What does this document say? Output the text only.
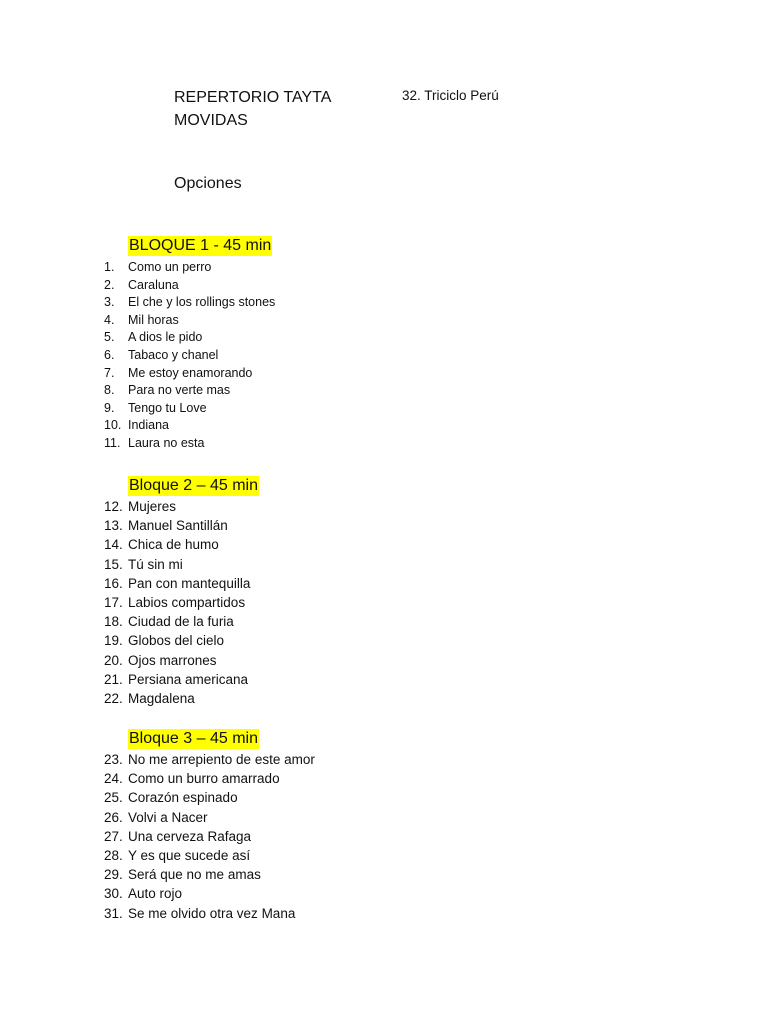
REPERTORIO TAYTA MOVIDAS
32. Triciclo Perú
Opciones
BLOQUE 1 - 45 min
1. Como un perro
2. Caraluna
3. El che y los rollings stones
4. Mil horas
5. A dios le pido
6. Tabaco y chanel
7. Me estoy enamorando
8. Para no verte mas
9. Tengo tu Love
10. Indiana
11. Laura no esta
Bloque 2 – 45 min
12. Mujeres
13. Manuel Santillán
14. Chica de humo
15. Tú sin mi
16. Pan con mantequilla
17. Labios compartidos
18. Ciudad de la furia
19. Globos del cielo
20. Ojos marrones
21. Persiana americana
22. Magdalena
Bloque 3 – 45 min
23. No me arrepiento de este amor
24. Como un burro amarrado
25. Corazón espinado
26. Volvi a Nacer
27. Una cerveza Rafaga
28. Y es que sucede así
29. Será que no me amas
30. Auto rojo
31. Se me olvido otra vez Mana
